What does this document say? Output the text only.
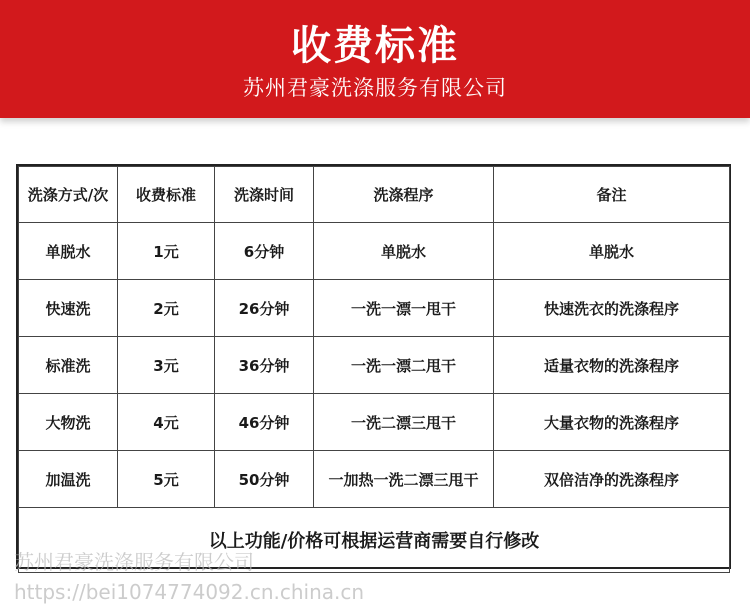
收费标准
苏州君豪洗涤服务有限公司
洗涤方式/次	收费标准	洗涤时间	洗涤程序	备注
单脱水	1元	6分钟	单脱水	单脱水
快速洗	2元	26分钟	一洗一漂一甩干	快速洗衣的洗涤程序
标准洗	3元	36分钟	一洗一漂二甩干	适量衣物的洗涤程序
大物洗	4元	46分钟	一洗二漂三甩干	大量衣物的洗涤程序
加温洗	5元	50分钟	一加热一洗二漂三甩干	双倍洁净的洗涤程序
以上功能/价格可根据运营商需要自行修改				
苏州君豪洗涤服务有限公司
https://bei1074774092.cn.china.cn
